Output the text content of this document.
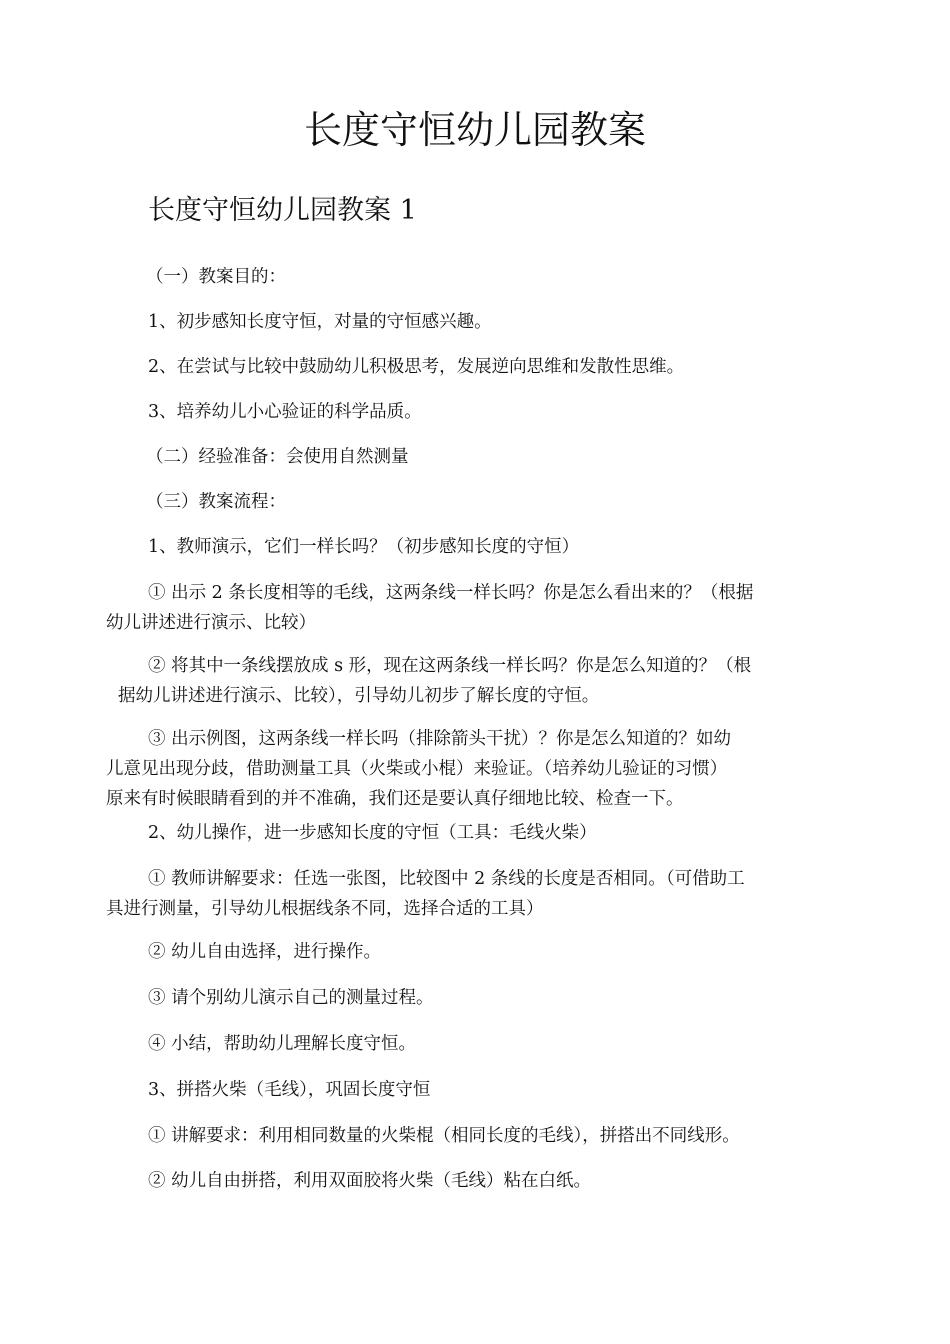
长度守恒幼儿园教案
长度守恒幼儿园教案 1

（一）教案目的：

1、初步感知长度守恒，对量的守恒感兴趣。

2、在尝试与比较中鼓励幼儿积极思考，发展逆向思维和发散性思维。

3、培养幼儿小心验证的科学品质。

（二）经验准备：会使用自然测量

（三）教案流程：

1、教师演示，它们一样长吗？（初步感知长度的守恒）

① 出示 2 条长度相等的毛线，这两条线一样长吗？你是怎么看出来的？（根据
幼儿讲述进行演示、比较）
② 将其中一条线摆放成 s 形，现在这两条线一样长吗？你是怎么知道的？（根
据幼儿讲述进行演示、比较），引导幼儿初步了解长度的守恒。
③ 出示例图，这两条线一样长吗（排除箭头干扰）？你是怎么知道的？如幼
儿意见出现分歧，借助测量工具（火柴或小棍）来验证。（培养幼儿验证的习惯）
原来有时候眼睛看到的并不准确，我们还是要认真仔细地比较、检查一下。

2、幼儿操作，进一步感知长度的守恒（工具：毛线火柴）

① 教师讲解要求：任选一张图，比较图中 2 条线的长度是否相同。（可借助工
具进行测量，引导幼儿根据线条不同，选择合适的工具）

② 幼儿自由选择，进行操作。

③ 请个别幼儿演示自己的测量过程。

④ 小结，帮助幼儿理解长度守恒。

3、拼搭火柴（毛线），巩固长度守恒

① 讲解要求：利用相同数量的火柴棍（相同长度的毛线），拼搭出不同线形。

② 幼儿自由拼搭，利用双面胶将火柴（毛线）粘在白纸。
